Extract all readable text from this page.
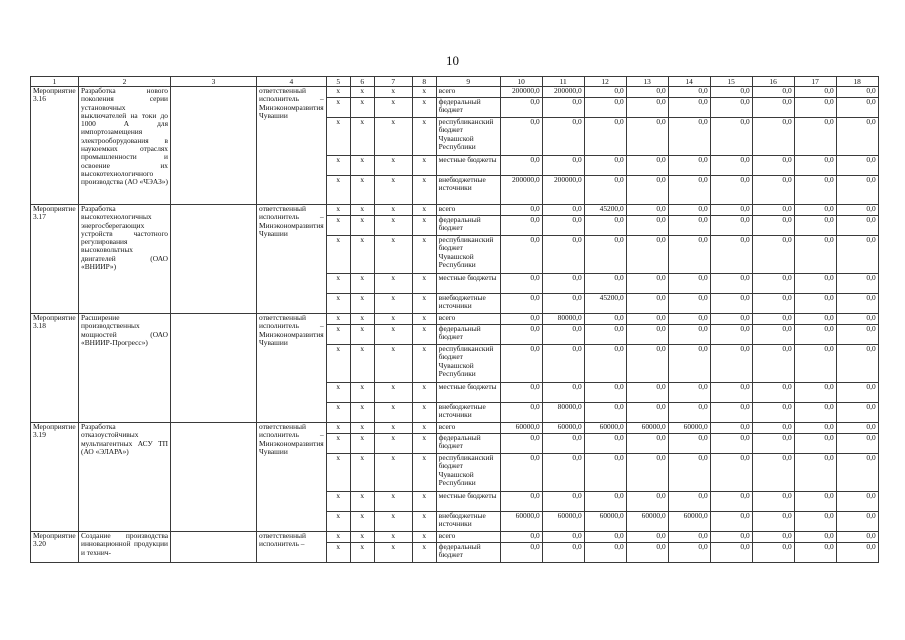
10
1	2	3	4	5	6	7	8	9	10	11	12	13	14	15	16	17	18
Мероприятие 3.16	Разработка нового поколения серии установочных выключателей на токи до 1000 А для импортозамещения электрооборудования в наукоемких отраслях промышленности и освоение их высокотехнологичного производства (АО «ЧЭАЗ»)		ответственный исполнитель – Минэкономразвития Чувашии	x	x	x	x	всего	200000,0	200000,0	0,0	0,0	0,0	0,0	0,0	0,0	0,0
				x	x	x	x	федеральный бюджет	0,0	0,0	0,0	0,0	0,0	0,0	0,0	0,0	0,0
				x	x	x	x	республиканский бюджет Чувашской Республики	0,0	0,0	0,0	0,0	0,0	0,0	0,0	0,0	0,0
				x	x	x	x	местные бюджеты	0,0	0,0	0,0	0,0	0,0	0,0	0,0	0,0	0,0
				x	x	x	x	внебюджетные источники	200000,0	200000,0	0,0	0,0	0,0	0,0	0,0	0,0	0,0
Мероприятие 3.17	Разработка высокотехнологичных энергосберегающих устройств частотного регулирования высоковольтных двигателей (ОАО «ВНИИР»)		ответственный исполнитель – Минэкономразвития Чувашии	x	x	x	x	всего	0,0	0,0	45200,0	0,0	0,0	0,0	0,0	0,0	0,0
				x	x	x	x	федеральный бюджет	0,0	0,0	0,0	0,0	0,0	0,0	0,0	0,0	0,0
				x	x	x	x	республиканский бюджет Чувашской Республики	0,0	0,0	0,0	0,0	0,0	0,0	0,0	0,0	0,0
				x	x	x	x	местные бюджеты	0,0	0,0	0,0	0,0	0,0	0,0	0,0	0,0	0,0
				x	x	x	x	внебюджетные источники	0,0	0,0	45200,0	0,0	0,0	0,0	0,0	0,0	0,0
Мероприятие 3.18	Расширение производственных мощностей (ОАО «ВНИИР-Прогресс»)		ответственный исполнитель – Минэкономразвития Чувашии	x	x	x	x	всего	0,0	80000,0	0,0	0,0	0,0	0,0	0,0	0,0	0,0
				x	x	x	x	федеральный бюджет	0,0	0,0	0,0	0,0	0,0	0,0	0,0	0,0	0,0
				x	x	x	x	республиканский бюджет Чувашской Республики	0,0	0,0	0,0	0,0	0,0	0,0	0,0	0,0	0,0
				x	x	x	x	местные бюджеты	0,0	0,0	0,0	0,0	0,0	0,0	0,0	0,0	0,0
				x	x	x	x	внебюджетные источники	0,0	80000,0	0,0	0,0	0,0	0,0	0,0	0,0	0,0
Мероприятие 3.19	Разработка отказоустойчивых мультиагентных АСУ ТП (АО «ЭЛАРА»)		ответственный исполнитель – Минэкономразвития Чувашии	x	x	x	x	всего	60000,0	60000,0	60000,0	60000,0	60000,0	0,0	0,0	0,0	0,0
				x	x	x	x	федеральный бюджет	0,0	0,0	0,0	0,0	0,0	0,0	0,0	0,0	0,0
				x	x	x	x	республиканский бюджет Чувашской Республики	0,0	0,0	0,0	0,0	0,0	0,0	0,0	0,0	0,0
				x	x	x	x	местные бюджеты	0,0	0,0	0,0	0,0	0,0	0,0	0,0	0,0	0,0
				x	x	x	x	внебюджетные источники	60000,0	60000,0	60000,0	60000,0	60000,0	0,0	0,0	0,0	0,0
Мероприятие 3.20	Создание производства инновационной продукции и технич-		ответственный исполнитель –	x	x	x	x	всего	0,0	0,0	0,0	0,0	0,0	0,0	0,0	0,0	0,0
				x	x	x	x	федеральный бюджет	0,0	0,0	0,0	0,0	0,0	0,0	0,0	0,0	0,0
